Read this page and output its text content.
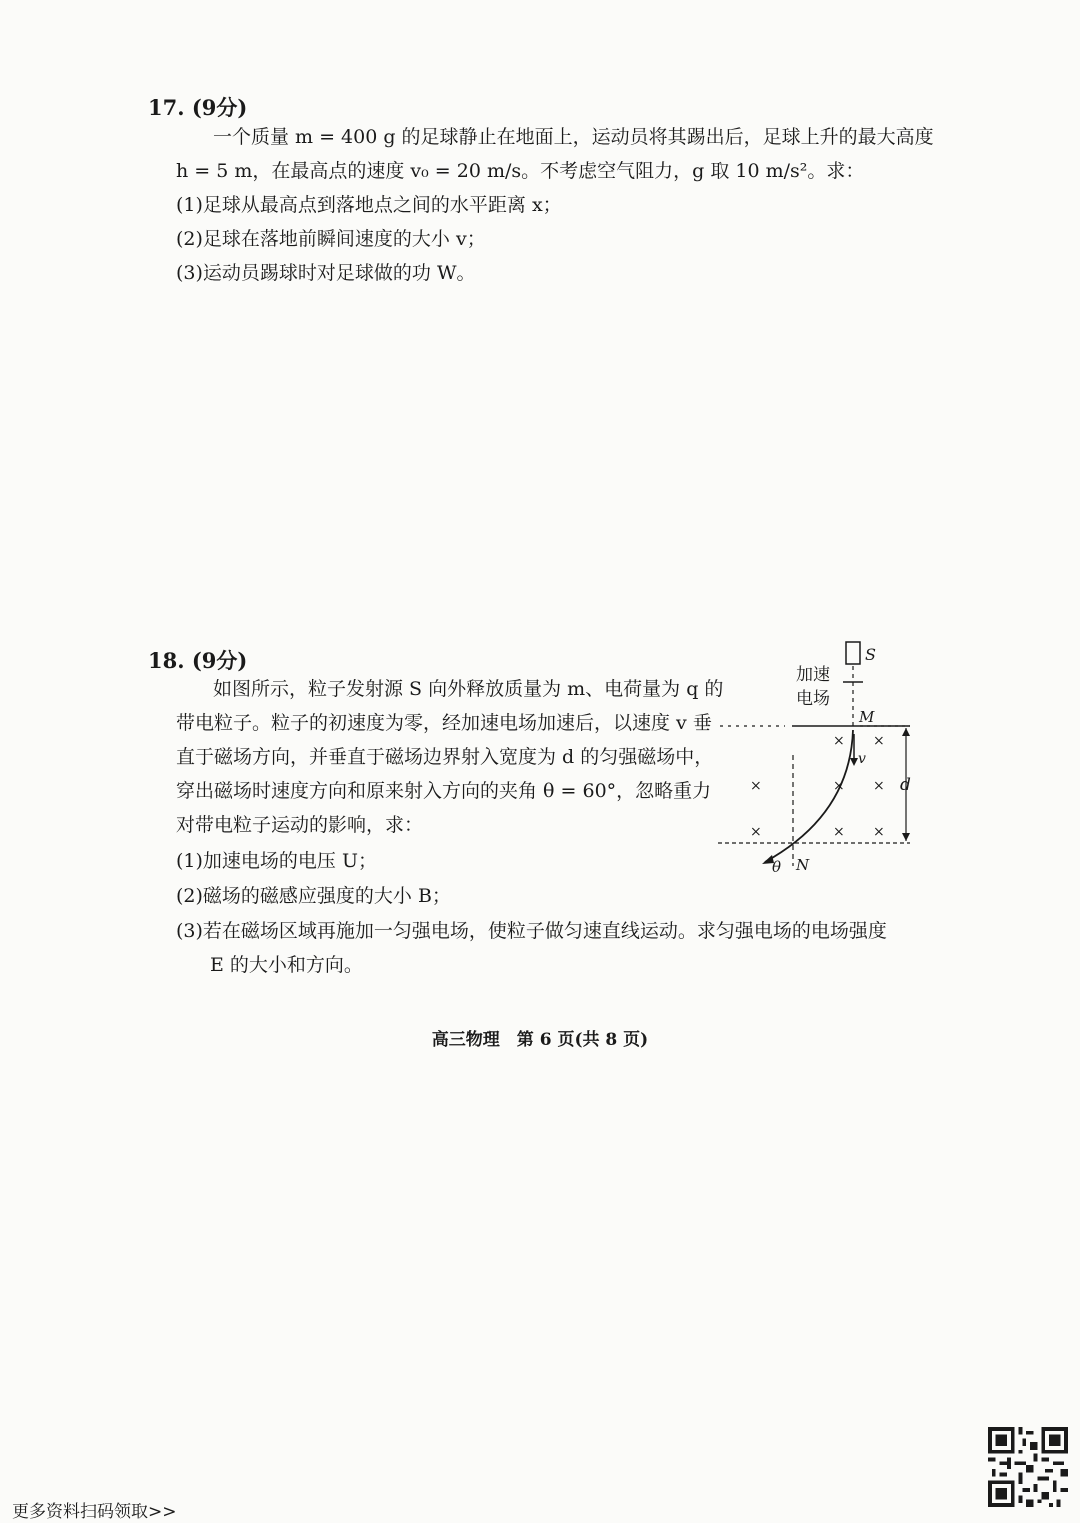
17. (9分)
一个质量 m = 400 g 的足球静止在地面上，运动员将其踢出后，足球上升的最大高度
h = 5 m，在最高点的速度 v₀ = 20 m/s。不考虑空气阻力，g 取 10 m/s²。求：
(1)足球从最高点到落地点之间的水平距离 x；
(2)足球在落地前瞬间速度的大小 v；
(3)运动员踢球时对足球做的功 W。
18. (9分)
如图所示，粒子发射源 S 向外释放质量为 m、电荷量为 q 的
带电粒子。粒子的初速度为零，经加速电场加速后，以速度 v 垂
直于磁场方向，并垂直于磁场边界射入宽度为 d 的匀强磁场中，
穿出磁场时速度方向和原来射入方向的夹角 θ = 60°，忽略重力
对带电粒子运动的影响，求：
(1)加速电场的电压 U；
(2)磁场的磁感应强度的大小 B；
(3)若在磁场区域再施加一匀强电场，使粒子做匀速直线运动。求匀强电场的电场强度
E 的大小和方向。
S
加速
电场
M
d
v
× ×
×	× ×
×	× ×
θ N
高三物理　第 6 页(共 8 页)
更多资料扫码领取>>
